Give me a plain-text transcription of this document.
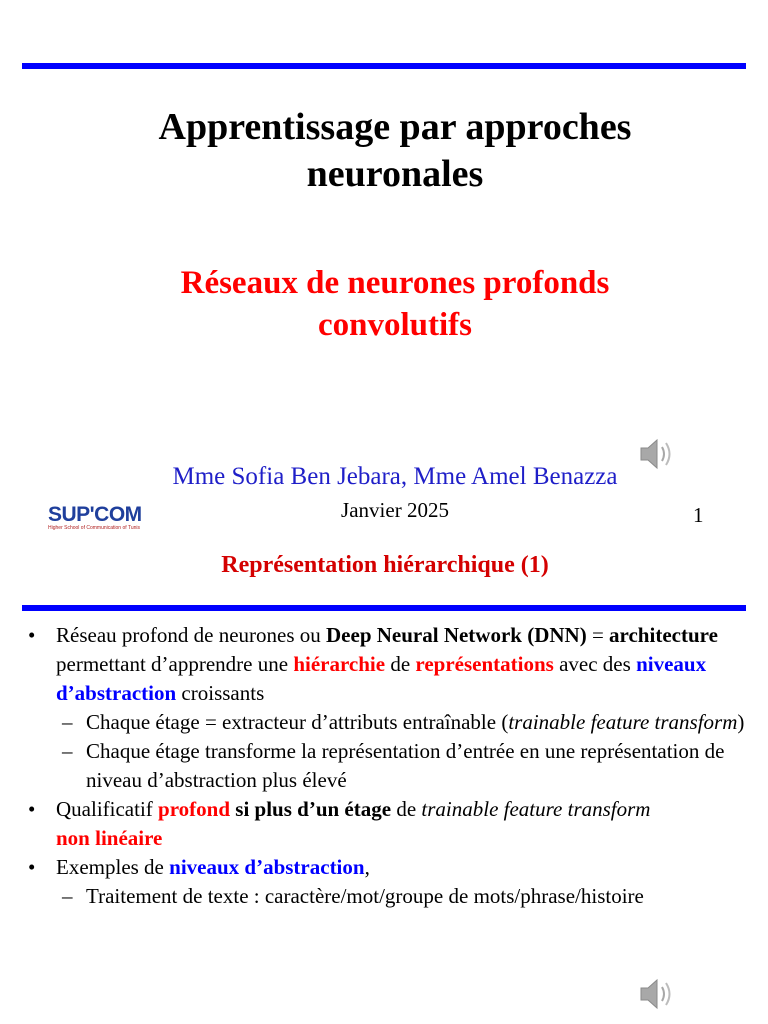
Apprentissage par approches
neuronales
Réseaux de neurones profonds
convolutifs
Mme Sofia Ben Jebara, Mme Amel Benazza
SUP'COM
Higher School of Communication of Tunis
Janvier 2025	1
Représentation hiérarchique (1)
• Réseau profond de neurones ou Deep Neural Network (DNN) = architecture permettant d’apprendre une hiérarchie de représentations avec des niveaux d’abstraction croissants
– Chaque étage = extracteur d’attributs entraînable (trainable feature transform)
– Chaque étage transforme la représentation d’entrée en une représentation de niveau d’abstraction plus élevé
• Qualificatif profond si plus d’un étage de trainable feature transform
non linéaire
• Exemples de niveaux d’abstraction,
– Traitement de texte : caractère/mot/groupe de mots/phrase/histoire
